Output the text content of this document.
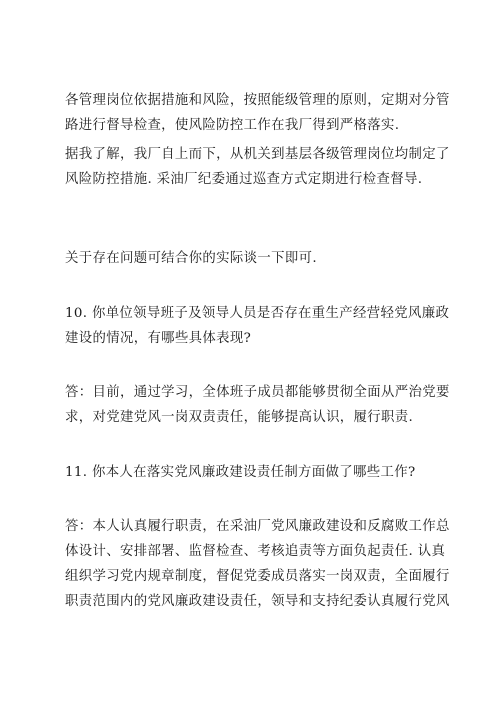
各管理岗位依据措施和风险，按照能级管理的原则，定期对分管
路进行督导检查，使风险防控工作在我厂得到严格落实.
据我了解，我厂自上而下，从机关到基层各级管理岗位均制定了
风险防控措施. 采油厂纪委通过巡查方式定期进行检查督导.
关于存在问题可结合你的实际谈一下即可.
10. 你单位领导班子及领导人员是否存在重生产经营轻党风廉政
建设的情况，有哪些具体表现?
答：目前，通过学习，全体班子成员都能够贯彻全面从严治党要
求，对党建党风一岗双责责任，能够提高认识，履行职责.
11. 你本人在落实党风廉政建设责任制方面做了哪些工作?
答：本人认真履行职责，在采油厂党风廉政建设和反腐败工作总
体设计、安排部署、监督检查、考核追责等方面负起责任. 认真
组织学习党内规章制度，督促党委成员落实一岗双责，全面履行
职责范围内的党风廉政建设责任，领导和支持纪委认真履行党风
